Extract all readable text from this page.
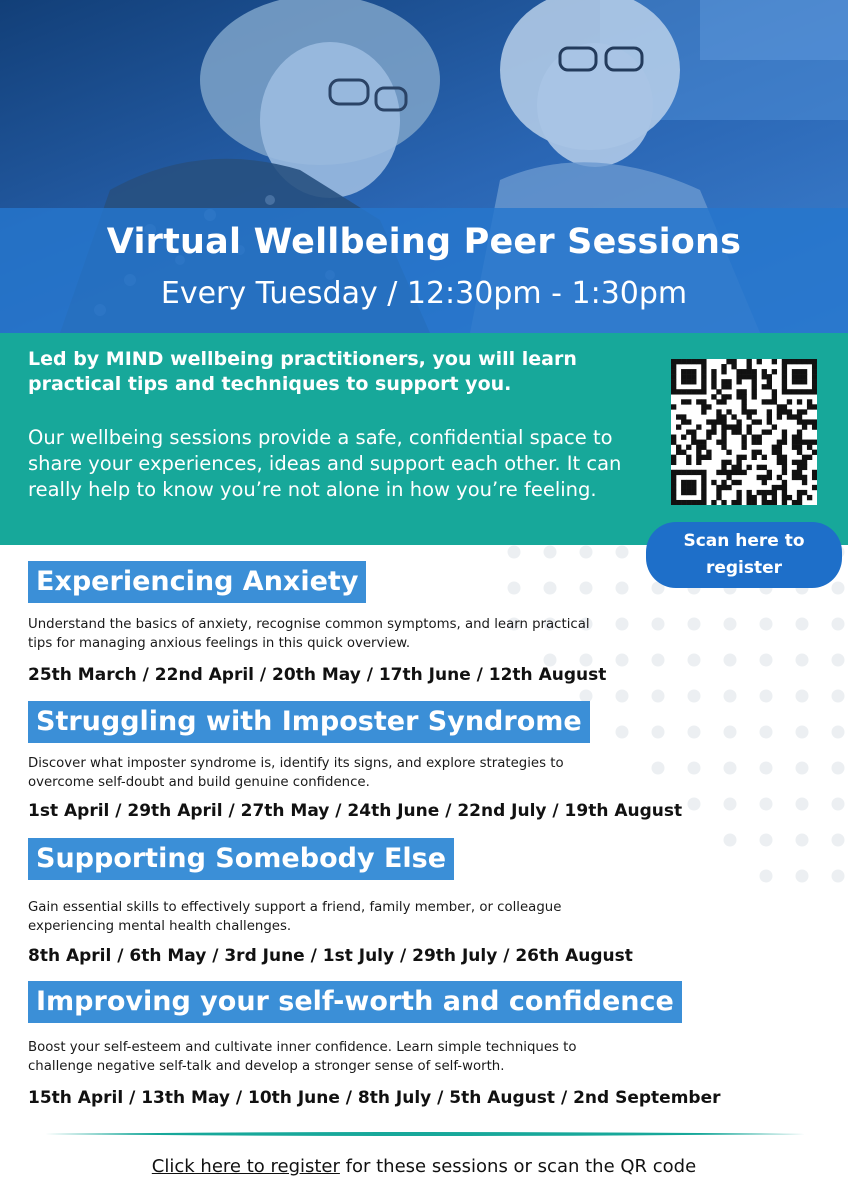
Virtual Wellbeing Peer Sessions
Every Tuesday / 12:30pm - 1:30pm
Led by MIND wellbeing practitioners, you will learn practical tips and techniques to support you.
Our wellbeing sessions provide a safe, confidential space to share your experiences, ideas and support each other. It can really help to know you’re not alone in how you’re feeling.
Scan here to register
Experiencing Anxiety
Understand the basics of anxiety, recognise common symptoms, and learn practical tips for managing anxious feelings in this quick overview.
25th March / 22nd April / 20th May / 17th June / 12th August
Struggling with Imposter Syndrome
Discover what imposter syndrome is, identify its signs, and explore strategies to overcome self-doubt and build genuine confidence.
1st April / 29th April / 27th May / 24th June / 22nd July / 19th August
Supporting Somebody Else
Gain essential skills to effectively support a friend, family member, or colleague experiencing mental health challenges.
8th April / 6th May / 3rd June / 1st July / 29th July / 26th August
Improving your self-worth and confidence
Boost your self-esteem and cultivate inner confidence. Learn simple techniques to challenge negative self-talk and develop a stronger sense of self-worth.
15th April / 13th May / 10th June / 8th July / 5th August / 2nd September
Click here to register for these sessions or scan the QR code
